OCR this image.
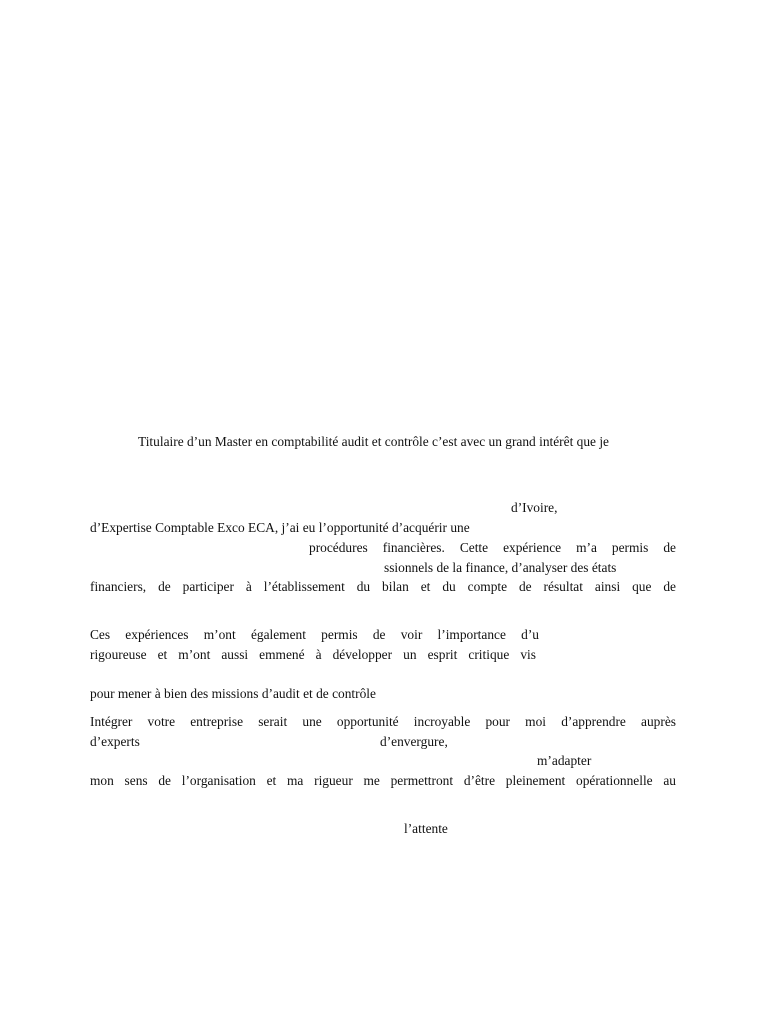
Titulaire d’un Master en comptabilité audit et contrôle c’est avec un grand intérêt que je
d’Ivoire,
d’Expertise Comptable Exco ECA, j’ai eu l’opportunité d’acquérir une
procédures financières. Cette expérience m’a permis de
ssionnels de la finance, d’analyser des états
financiers, de participer à l’établissement du bilan et du compte de résultat ainsi que de
Ces expériences m’ont également permis de voir l’importance d’u
rigoureuse et m’ont aussi emmené à développer un esprit critique vis
pour mener à bien des missions d’audit et de contrôle
Intégrer votre entreprise serait une opportunité incroyable pour moi d’apprendre auprès
d’experts	d’envergure,
m’adapter
mon sens de l’organisation et ma rigueur me permettront d’être pleinement opérationnelle au
l’attente
